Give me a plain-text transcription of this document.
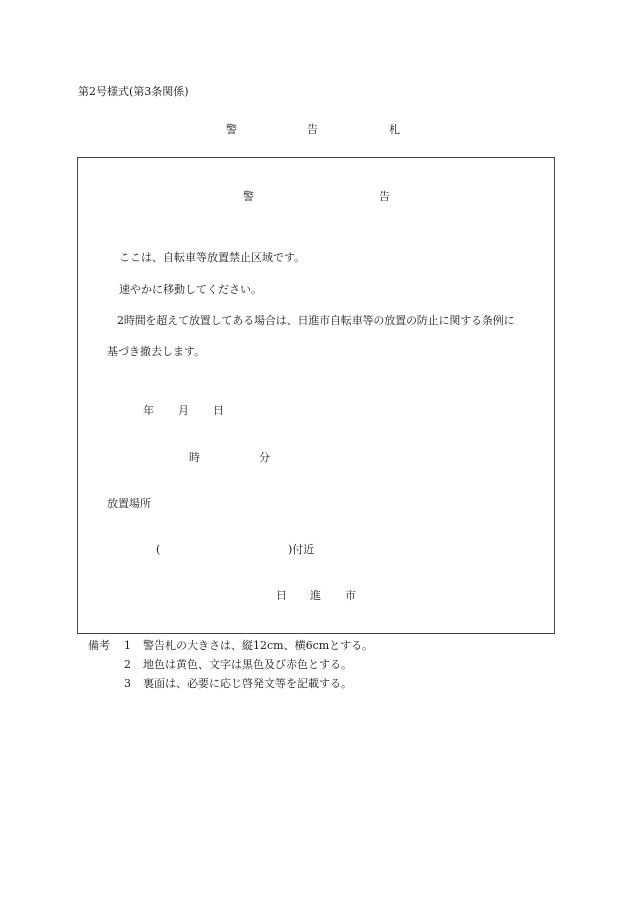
第2号様式(第3条関係)
警	告	札
警	告
ここは、自転車等放置禁止区域です。
速やかに移動してください。
2時間を超えて放置してある場合は、日進市自転車等の放置の防止に関する条例に
基づき撤去します。
年 月 日
時	分
放置場所
(	)付近
日 進 市
備考 1 警告札の大きさは、縦12cm、横6cmとする。
2 地色は黄色、文字は黒色及び赤色とする。
3 裏面は、必要に応じ啓発文等を記載する。
